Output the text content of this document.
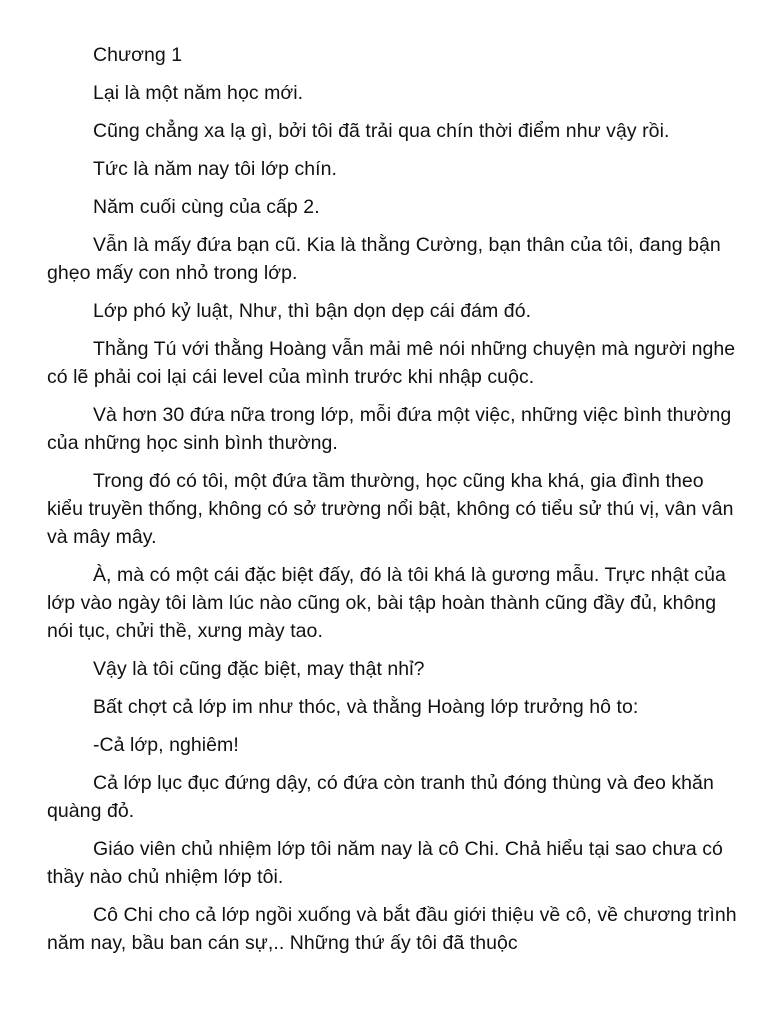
Chương 1

Lại là một năm học mới.

Cũng chẳng xa lạ gì, bởi tôi đã trải qua chín thời điểm như vậy rồi.

Tức là năm nay tôi lớp chín.

Năm cuối cùng của cấp 2.

Vẫn là mấy đứa bạn cũ. Kia là thằng Cường, bạn thân của tôi, đang bận ghẹo mấy con nhỏ trong lớp.

Lớp phó kỷ luật, Như, thì bận dọn dẹp cái đám đó.

Thằng Tú với thằng Hoàng vẫn mải mê nói những chuyện mà người nghe có lẽ phải coi lại cái level của mình trước khi nhập cuộc.

Và hơn 30 đứa nữa trong lớp, mỗi đứa một việc, những việc bình thường của những học sinh bình thường.

Trong đó có tôi, một đứa tầm thường, học cũng kha khá, gia đình theo kiểu truyền thống, không có sở trường nổi bật, không có tiểu sử thú vị, vân vân và mây mây.

À, mà có một cái đặc biệt đấy, đó là tôi khá là gương mẫu. Trực nhật của lớp vào ngày tôi làm lúc nào cũng ok, bài tập hoàn thành cũng đầy đủ, không nói tục, chửi thề, xưng mày tao.

Vậy là tôi cũng đặc biệt, may thật nhỉ?

Bất chợt cả lớp im như thóc, và thằng Hoàng lớp trưởng hô to:

-Cả lớp, nghiêm!

Cả lớp lục đục đứng dậy, có đứa còn tranh thủ đóng thùng và đeo khăn quàng đỏ.

Giáo viên chủ nhiệm lớp tôi năm nay là cô Chi. Chả hiểu tại sao chưa có thầy nào chủ nhiệm lớp tôi.

Cô Chi cho cả lớp ngồi xuống và bắt đầu giới thiệu về cô, về chương trình năm nay, bầu ban cán sự,.. Những thứ ấy tôi đã thuộc
